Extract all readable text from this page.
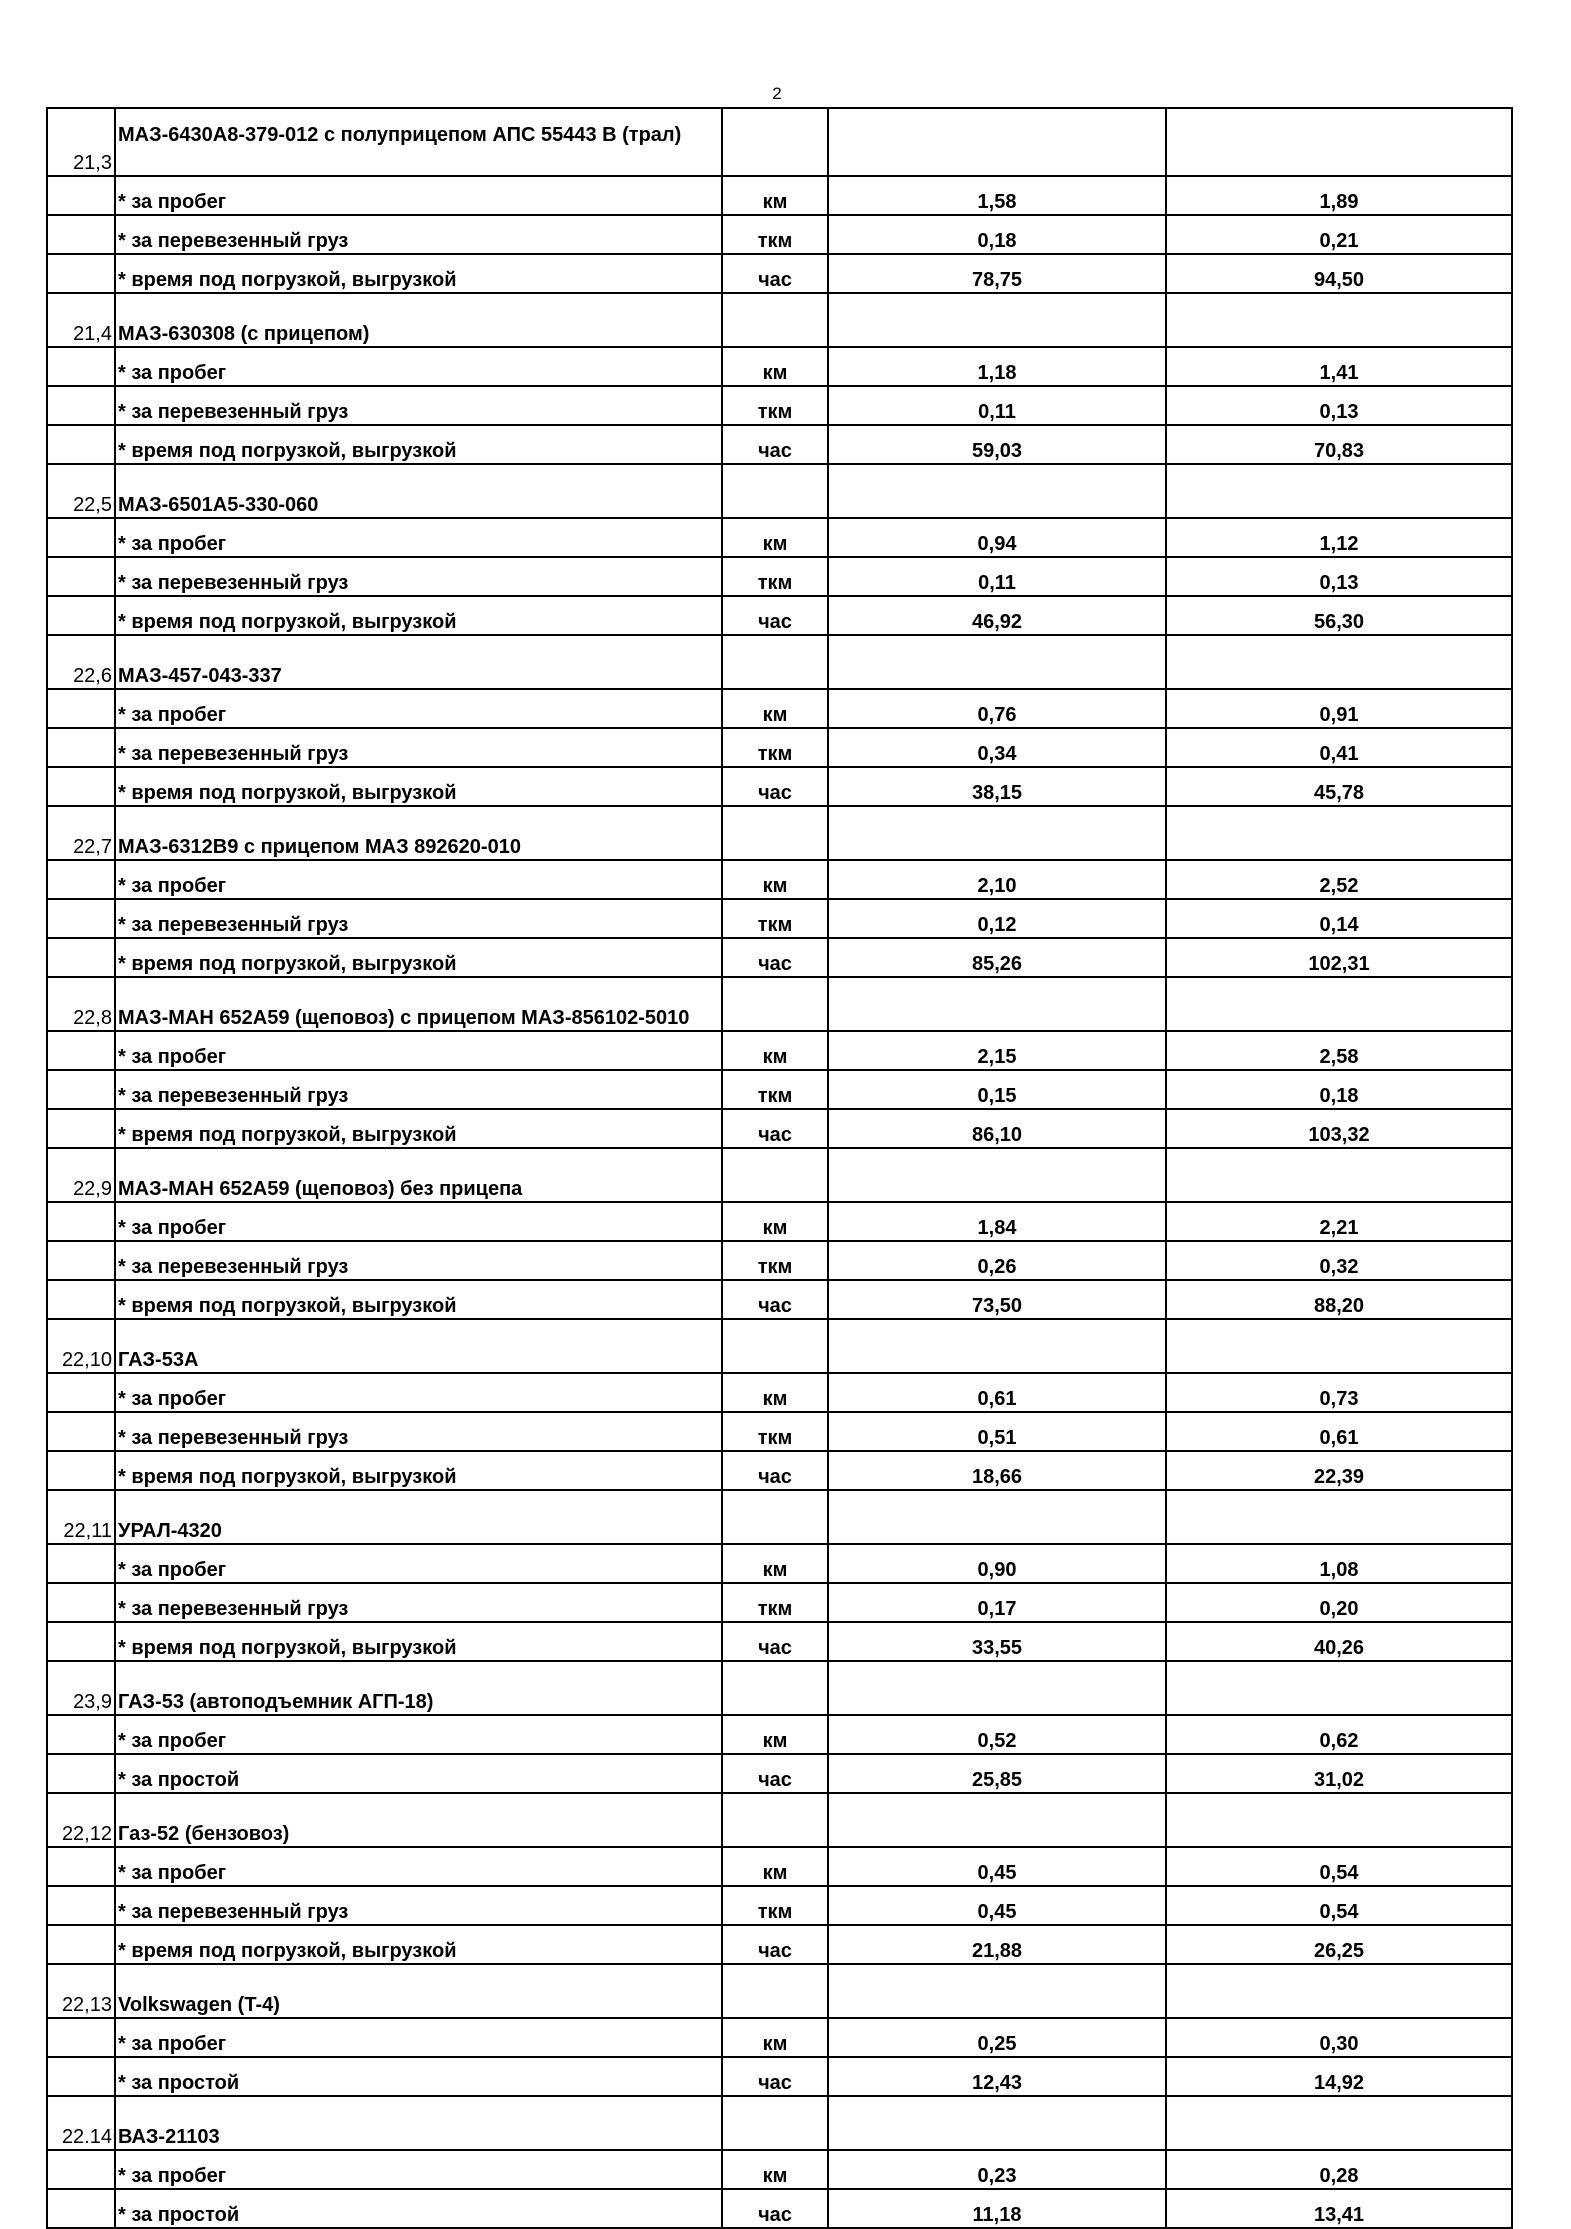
2
21,3	МАЗ-6430А8-379-012 с полуприцепом АПС 55443 В (трал)			
	* за пробег	км	1,58	1,89
	* за перевезенный груз	ткм	0,18	0,21
	* время под погрузкой, выгрузкой	час	78,75	94,50
21,4	МАЗ-630308 (с прицепом)			
	* за пробег	км	1,18	1,41
	* за перевезенный груз	ткм	0,11	0,13
	* время под погрузкой, выгрузкой	час	59,03	70,83
22,5	МАЗ-6501А5-330-060			
	* за пробег	км	0,94	1,12
	* за перевезенный груз	ткм	0,11	0,13
	* время под погрузкой, выгрузкой	час	46,92	56,30
22,6	МАЗ-457-043-337			
	* за пробег	км	0,76	0,91
	* за перевезенный груз	ткм	0,34	0,41
	* время под погрузкой, выгрузкой	час	38,15	45,78
22,7	МАЗ-6312В9 с прицепом МАЗ 892620-010			
	* за пробег	км	2,10	2,52
	* за перевезенный груз	ткм	0,12	0,14
	* время под погрузкой, выгрузкой	час	85,26	102,31
22,8	МАЗ-МАН 652А59 (щеповоз) с прицепом МАЗ-856102-5010			
	* за пробег	км	2,15	2,58
	* за перевезенный груз	ткм	0,15	0,18
	* время под погрузкой, выгрузкой	час	86,10	103,32
22,9	МАЗ-МАН 652А59 (щеповоз) без прицепа			
	* за пробег	км	1,84	2,21
	* за перевезенный груз	ткм	0,26	0,32
	* время под погрузкой, выгрузкой	час	73,50	88,20
22,10	ГАЗ-53А			
	* за пробег	км	0,61	0,73
	* за перевезенный груз	ткм	0,51	0,61
	* время под погрузкой, выгрузкой	час	18,66	22,39
22,11	УРАЛ-4320			
	* за пробег	км	0,90	1,08
	* за перевезенный груз	ткм	0,17	0,20
	* время под погрузкой, выгрузкой	час	33,55	40,26
23,9	ГАЗ-53 (автоподъемник АГП-18)			
	* за пробег	км	0,52	0,62
	* за простой	час	25,85	31,02
22,12	Газ-52 (бензовоз)			
	* за пробег	км	0,45	0,54
	* за перевезенный груз	ткм	0,45	0,54
	* время под погрузкой, выгрузкой	час	21,88	26,25
22,13	Volkswagen (T-4)			
	* за пробег	км	0,25	0,30
	* за простой	час	12,43	14,92
22.14	ВАЗ-21103			
	* за пробег	км	0,23	0,28
	* за простой	час	11,18	13,41
